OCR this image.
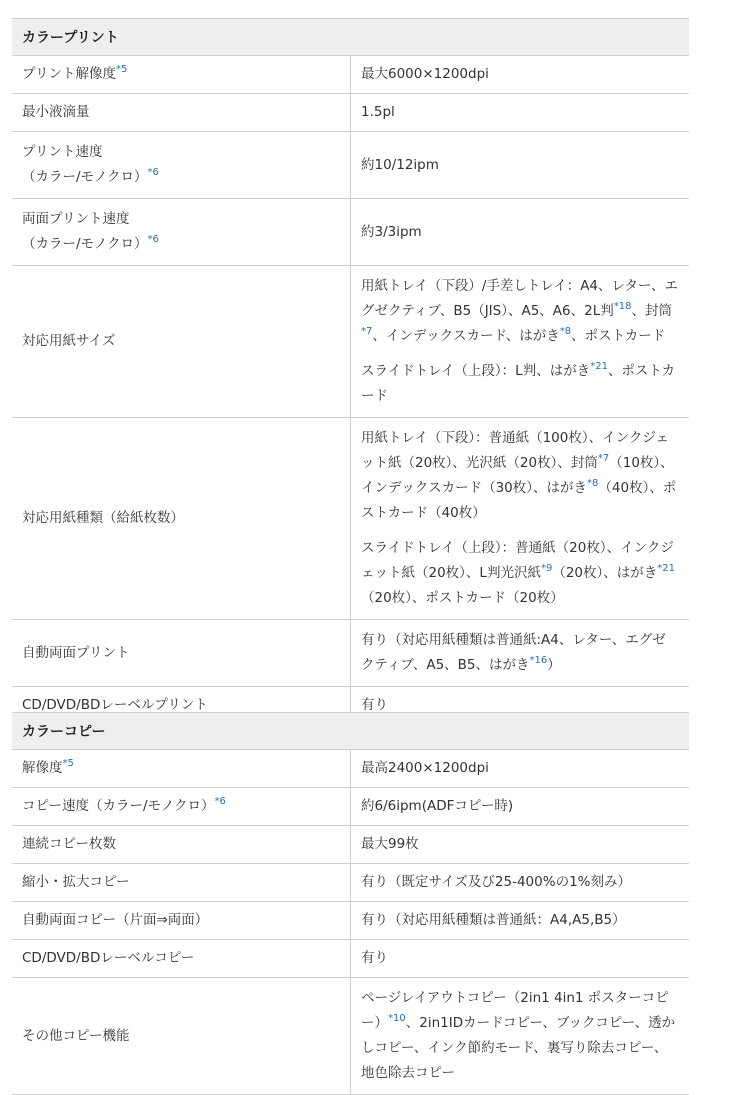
カラープリント	
プリント解像度$^{*5}$	最大6000×1200dpi
最小液滴量	1.5pl

プリント速度
（カラー/モノクロ）$^{*6}$	約10/12ipm

両面プリント速度
（カラー/モノクロ）$^{*6}$	約3/3ipm
対応用紙サイズ	用紙トレイ（下段）/手差しトレイ：A4、レター、エグゼクティブ、B5（JIS）、A5、A6、2L判$^{*18}$、封筒$^{*7}$、インデックスカード、はがき$^{*8}$、ポストカード
スライドトレイ（上段）：L判、はがき$^{*21}$、ポストカード

対応用紙種類（給紙枚数）	用紙トレイ（下段）：普通紙（100枚）、インクジェット紙（20枚）、光沢紙（20枚）、封筒$^{*7}$（10枚）、インデックスカード（30枚）、はがき$^{*8}$（40枚）、ポストカード（40枚）
スライドトレイ（上段）：普通紙（20枚）、インクジェット紙（20枚）、L判光沢紙$^{*9}$（20枚）、はがき$^{*21}$（20枚）、ポストカード（20枚）

自動両面プリント	有り（対応用紙種類は普通紙:A4、レター、エグゼクティブ、A5、B5、はがき$^{*16}$）
CD/DVD/BDレーベルプリント	有り
カラーコピー	
解像度$^{*5}$	最高2400×1200dpi
コピー速度（カラー/モノクロ）$^{*6}$	約6/6ipm(ADFコピー時)
連続コピー枚数	最大99枚
縮小・拡大コピー	有り（既定サイズ及び25-400%の1%刻み）
自動両面コピー（片面⇒両面）	有り（対応用紙種類は普通紙：A4,A5,B5）
CD/DVD/BDレーベルコピー	有り
その他コピー機能	ページレイアウトコピー（2in1 4in1 ポスターコピー）$^{*10}$、2in1IDカードコピー、ブックコピー、透かしコピー、インク節約モード、裏写り除去コピー、地色除去コピー
